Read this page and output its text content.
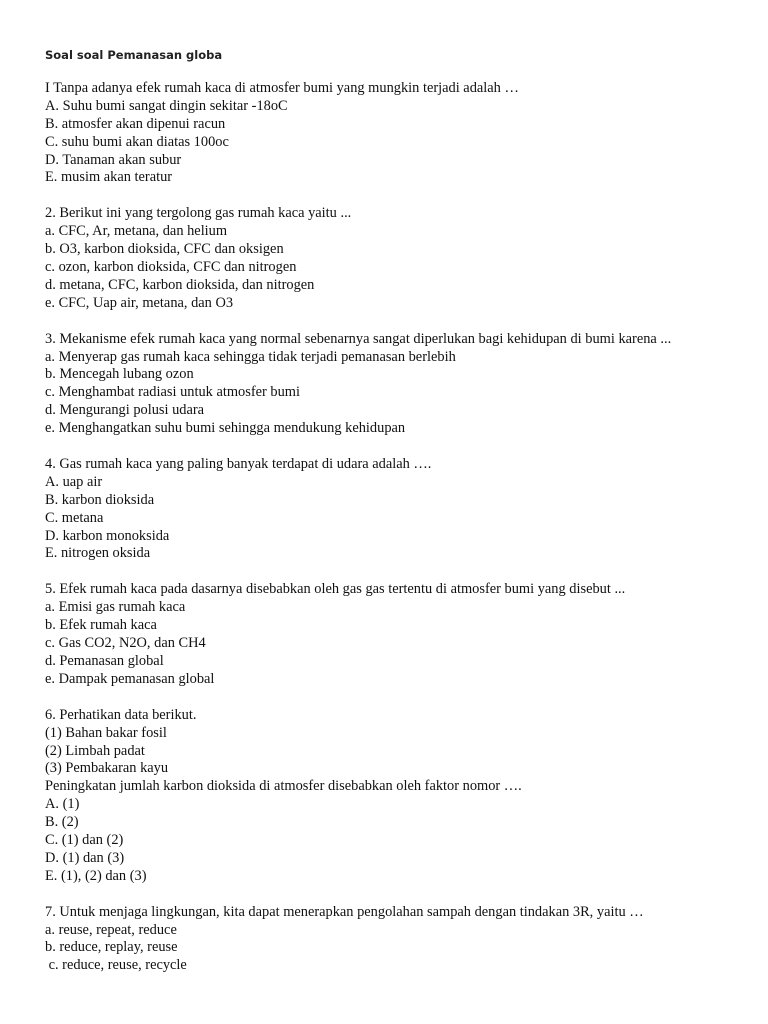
Soal soal Pemanasan globa
I Tanpa adanya efek rumah kaca di atmosfer bumi yang mungkin terjadi adalah …
A. Suhu bumi sangat dingin sekitar -18oC
B. atmosfer akan dipenui racun
C. suhu bumi akan diatas 100oc
D. Tanaman akan subur
E. musim akan teratur
2. Berikut ini yang tergolong gas rumah kaca yaitu ...
a. CFC, Ar, metana, dan helium
b. O3, karbon dioksida, CFC dan oksigen
c. ozon, karbon dioksida, CFC dan nitrogen
d. metana, CFC, karbon dioksida, dan nitrogen
e. CFC, Uap air, metana, dan O3
3. Mekanisme efek rumah kaca yang normal sebenarnya sangat diperlukan bagi kehidupan di bumi karena ...
a. Menyerap gas rumah kaca sehingga tidak terjadi pemanasan berlebih
b. Mencegah lubang ozon
c. Menghambat radiasi untuk atmosfer bumi
d. Mengurangi polusi udara
e. Menghangatkan suhu bumi sehingga mendukung kehidupan
4. Gas rumah kaca yang paling banyak terdapat di udara adalah ….
A. uap air
B. karbon dioksida
C. metana
D. karbon monoksida
E. nitrogen oksida
5. Efek rumah kaca pada dasarnya disebabkan oleh gas gas tertentu di atmosfer bumi yang disebut ...
a. Emisi gas rumah kaca
b. Efek rumah kaca
c. Gas CO2, N2O, dan CH4
d. Pemanasan global
e. Dampak pemanasan global
6. Perhatikan data berikut.
(1) Bahan bakar fosil
(2) Limbah padat
(3) Pembakaran kayu
Peningkatan jumlah karbon dioksida di atmosfer disebabkan oleh faktor nomor ….
A. (1)
B. (2)
C. (1) dan (2)
D. (1) dan (3)
E. (1), (2) dan (3)
7. Untuk menjaga lingkungan, kita dapat menerapkan pengolahan sampah dengan tindakan 3R, yaitu …
a. reuse, repeat, reduce
b. reduce, replay, reuse
c. reduce, reuse, recycle
